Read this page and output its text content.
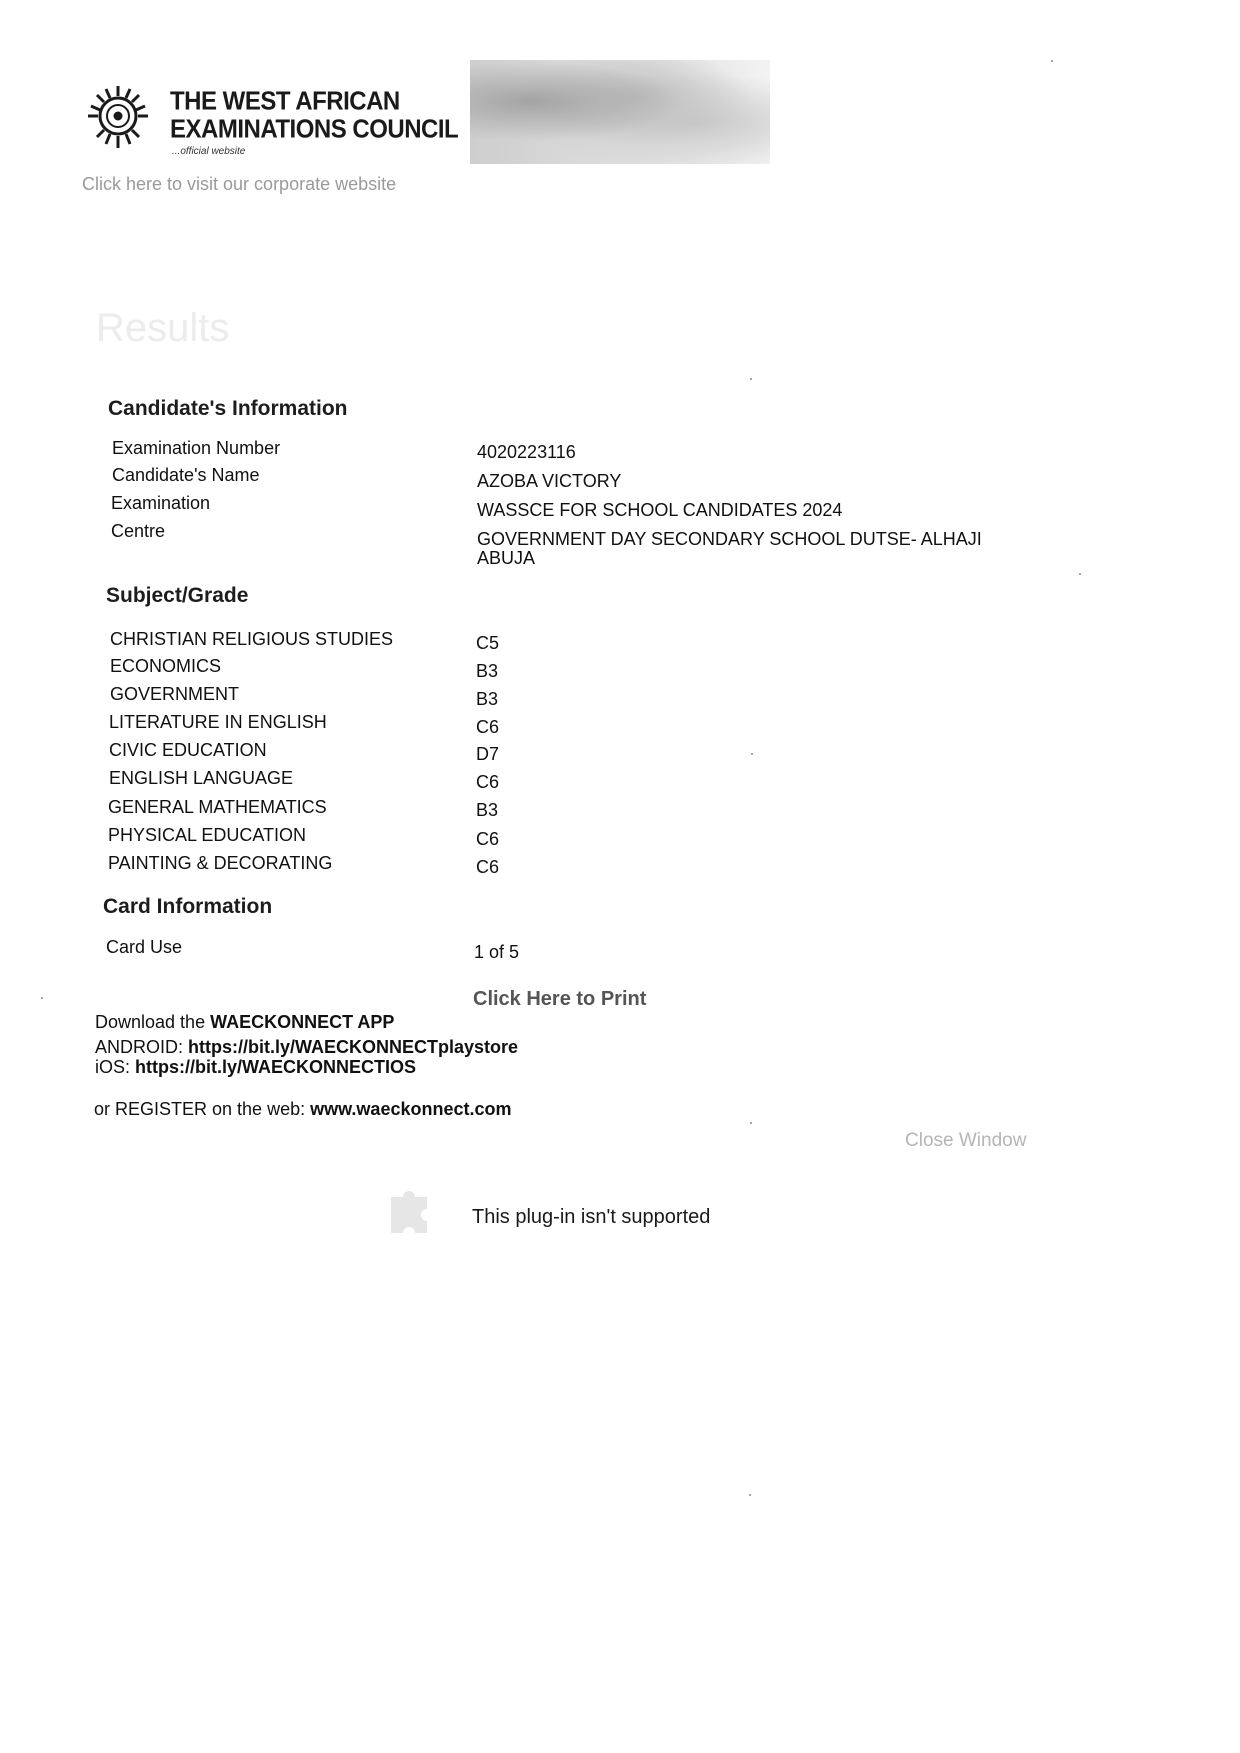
THE WEST AFRICAN
EXAMINATIONS COUNCIL
...official website
Click here to visit our corporate website
Results
Candidate's Information
Examination Number	4020223116
Candidate's Name	AZOBA VICTORY
Examination	WASSCE FOR SCHOOL CANDIDATES 2024
Centre	GOVERNMENT DAY SECONDARY SCHOOL DUTSE- ALHAJI
ABUJA
Subject/Grade
CHRISTIAN RELIGIOUS STUDIES	C5
ECONOMICS	B3
GOVERNMENT	B3
LITERATURE IN ENGLISH	C6
CIVIC EDUCATION	D7
ENGLISH LANGUAGE	C6
GENERAL MATHEMATICS	B3
PHYSICAL EDUCATION	C6
PAINTING & DECORATING	C6
Card Information
Card Use	1 of 5
Click Here to Print
Download the WAECKONNECT APP
ANDROID: https://bit.ly/WAECKONNECTplaystore
iOS: https://bit.ly/WAECKONNECTIOS
or REGISTER on the web: www.waeckonnect.com
Close Window
This plug-in isn't supported
